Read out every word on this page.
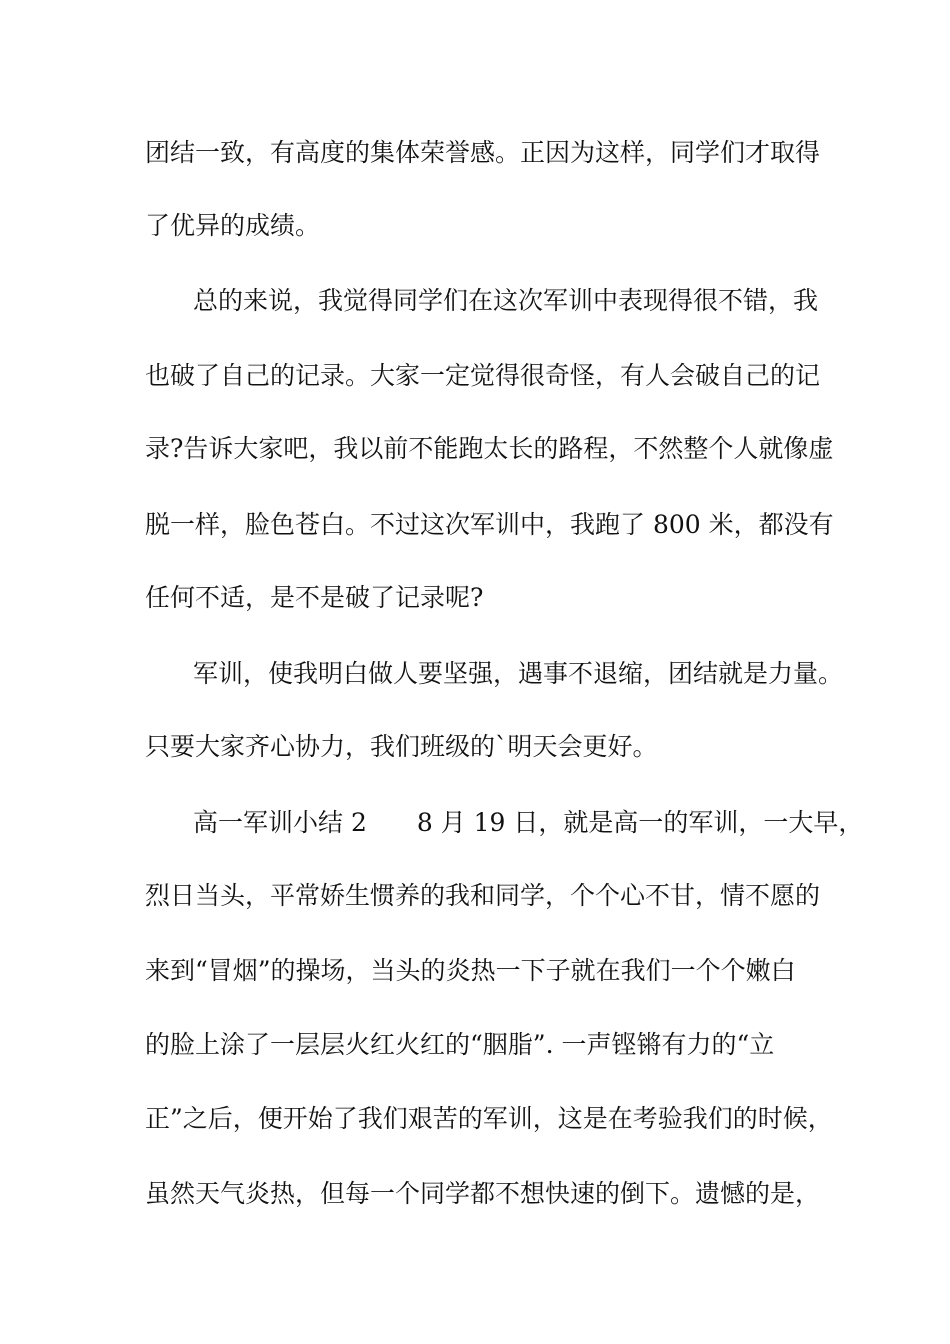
团结一致，有高度的集体荣誉感。正因为这样，同学们才取得
了优异的成绩。
总的来说，我觉得同学们在这次军训中表现得很不错，我
也破了自己的记录。大家一定觉得很奇怪，有人会破自己的记
录?告诉大家吧，我以前不能跑太长的路程，不然整个人就像虚
脱一样，脸色苍白。不过这次军训中，我跑了 800 米，都没有
任何不适，是不是破了记录呢?
军训，使我明白做人要坚强，遇事不退缩，团结就是力量。
只要大家齐心协力，我们班级的`明天会更好。
高一军训小结 2　　8 月 19 日，就是高一的军训，一大早，
烈日当头，平常娇生惯养的我和同学，个个心不甘，情不愿的
来到“冒烟”的操场，当头的炎热一下子就在我们一个个嫩白
的脸上涂了一层层火红火红的“胭脂”. 一声铿锵有力的“立
正”之后，便开始了我们艰苦的军训，这是在考验我们的时候，
虽然天气炎热，但每一个同学都不想快速的倒下。遗憾的是，
